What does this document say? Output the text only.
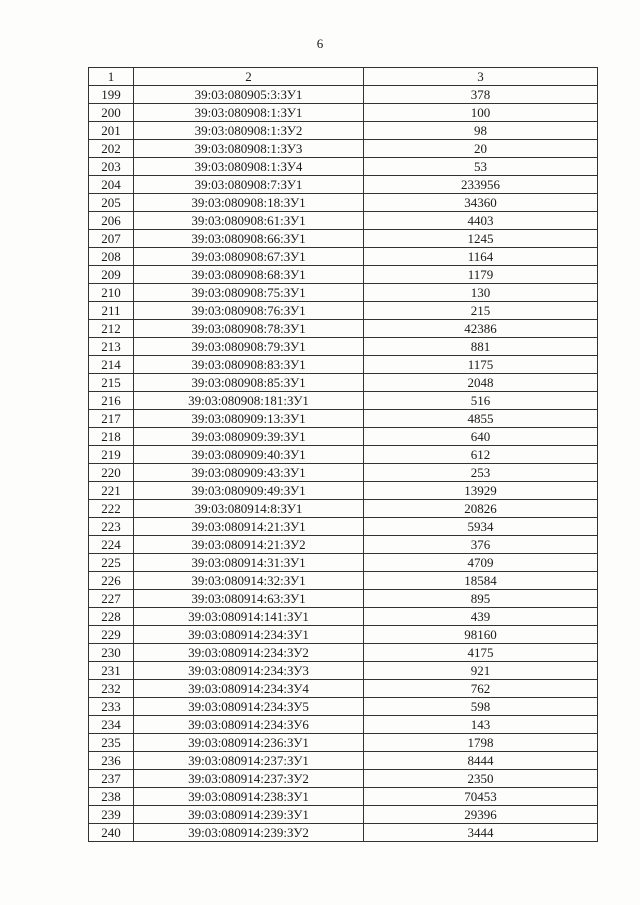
6
1	2	3
199	39:03:080905:3:ЗУ1	378
200	39:03:080908:1:ЗУ1	100
201	39:03:080908:1:ЗУ2	98
202	39:03:080908:1:ЗУ3	20
203	39:03:080908:1:ЗУ4	53
204	39:03:080908:7:ЗУ1	233956
205	39:03:080908:18:ЗУ1	34360
206	39:03:080908:61:ЗУ1	4403
207	39:03:080908:66:ЗУ1	1245
208	39:03:080908:67:ЗУ1	1164
209	39:03:080908:68:ЗУ1	1179
210	39:03:080908:75:ЗУ1	130
211	39:03:080908:76:ЗУ1	215
212	39:03:080908:78:ЗУ1	42386
213	39:03:080908:79:ЗУ1	881
214	39:03:080908:83:ЗУ1	1175
215	39:03:080908:85:ЗУ1	2048
216	39:03:080908:181:ЗУ1	516
217	39:03:080909:13:ЗУ1	4855
218	39:03:080909:39:ЗУ1	640
219	39:03:080909:40:ЗУ1	612
220	39:03:080909:43:ЗУ1	253
221	39:03:080909:49:ЗУ1	13929
222	39:03:080914:8:ЗУ1	20826
223	39:03:080914:21:ЗУ1	5934
224	39:03:080914:21:ЗУ2	376
225	39:03:080914:31:ЗУ1	4709
226	39:03:080914:32:ЗУ1	18584
227	39:03:080914:63:ЗУ1	895
228	39:03:080914:141:ЗУ1	439
229	39:03:080914:234:ЗУ1	98160
230	39:03:080914:234:ЗУ2	4175
231	39:03:080914:234:ЗУ3	921
232	39:03:080914:234:ЗУ4	762
233	39:03:080914:234:ЗУ5	598
234	39:03:080914:234:ЗУ6	143
235	39:03:080914:236:ЗУ1	1798
236	39:03:080914:237:ЗУ1	8444
237	39:03:080914:237:ЗУ2	2350
238	39:03:080914:238:ЗУ1	70453
239	39:03:080914:239:ЗУ1	29396
240	39:03:080914:239:ЗУ2	3444
